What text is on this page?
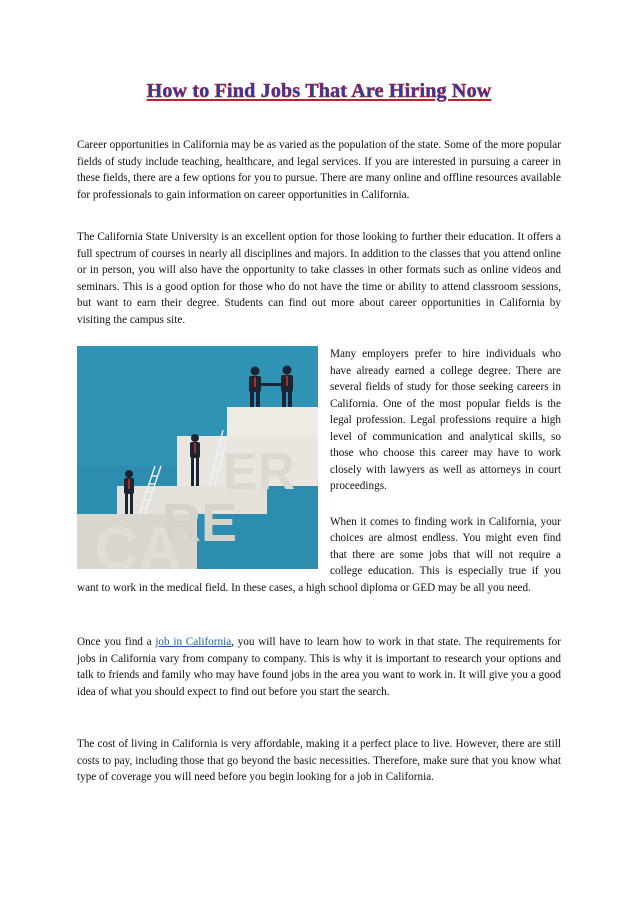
How to Find Jobs That Are Hiring Now

Career opportunities in California may be as varied as the population of the state. Some of the more popular fields of study include teaching, healthcare, and legal services. If you are interested in pursuing a career in these fields, there are a few options for you to pursue. There are many online and offline resources available for professionals to gain information on career opportunities in California.

The California State University is an excellent option for those looking to further their education. It offers a full spectrum of courses in nearly all disciplines and majors. In addition to the classes that you attend online or in person, you will also have the opportunity to take classes in other formats such as online videos and seminars. This is a good option for those who do not have the time or ability to attend classroom sessions, but want to earn their degree. Students can find out more about career opportunities in California by visiting the campus site.

ER
RE
CA

Many employers prefer to hire individuals who have already earned a college degree. There are several fields of study for those seeking careers in California. One of the most popular fields is the legal profession. Legal professions require a high level of communication and analytical skills, so those who choose this career may have to work closely with lawyers as well as attorneys in court proceedings.

When it comes to finding work in California, your choices are almost endless. You might even find that there are some jobs that will not require a college education. This is especially true if you want to work in the medical field. In these cases, a high school diploma or GED may be all you need.

Once you find a job in California, you will have to learn how to work in that state. The requirements for jobs in California vary from company to company. This is why it is important to research your options and talk to friends and family who may have found jobs in the area you want to work in. It will give you a good idea of what you should expect to find out before you start the search.

The cost of living in California is very affordable, making it a perfect place to live. However, there are still costs to pay, including those that go beyond the basic necessities. Therefore, make sure that you know what type of coverage you will need before you begin looking for a job in California.
